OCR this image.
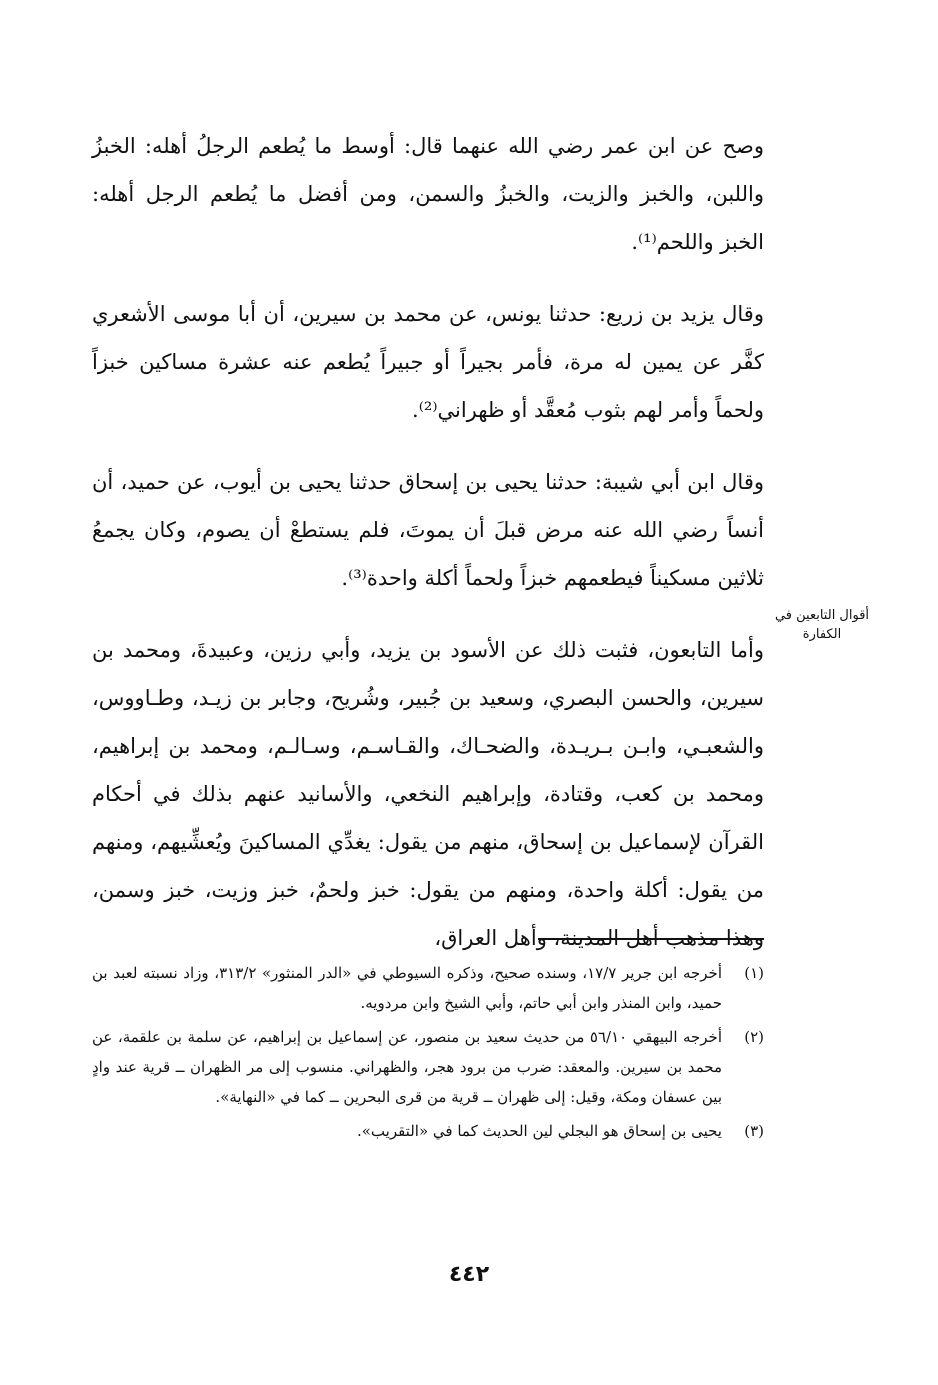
وصح عن ابن عمر رضي الله عنهما قال: أوسط ما يُطعم الرجلُ أهله: الخبزُ واللبن، والخبز والزيت، والخبزُ والسمن، ومن أفضل ما يُطعم الرجل أهله: الخبز واللحم⁽¹⁾.

وقال يزيد بن زريع: حدثنا يونس، عن محمد بن سيرين، أن أبا موسى الأشعري كفَّر عن يمين له مرة، فأمر بجيراً أو جبيراً يُطعم عنه عشرة مساكين خبزاً ولحماً وأمر لهم بثوب مُعقَّد أو ظهراني⁽²⁾.

وقال ابن أبي شيبة: حدثنا يحيى بن إسحاق حدثنا يحيى بن أيوب، عن حميد، أن أنساً رضي الله عنه مرض قبلَ أن يموتَ، فلم يستطعْ أن يصوم، وكان يجمعُ ثلاثين مسكيناً فيطعمهم خبزاً ولحماً أكلة واحدة⁽³⁾.

وأما التابعون، فثبت ذلك عن الأسود بن يزيد، وأبي رزين، وعبيدةَ، ومحمد بن سيرين، والحسن البصري، وسعيد بن جُبير، وشُريح، وجابر بن زيـد، وطـاووس، والشعبـي، وابـن بـريـدة، والضحـاك، والقـاسـم، وسـالـم، ومحمد بن إبراهيم، ومحمد بن كعب، وقتادة، وإبراهيم النخعي، والأسانيد عنهم بذلك في أحكام القرآن لإسماعيل بن إسحاق، منهم من يقول: يغدِّي المساكينَ ويُعشِّيهم، ومنهم من يقول: أكلة واحدة، ومنهم من يقول: خبز ولحمٌ، خبز وزيت، خبز وسمن، وهذا مذهب أهل المدينة، وأهل العراق،

أقوال التابعين في الكفارة
(١)
أخرجه ابن جرير ١٧/٧، وسنده صحيح، وذكره السيوطي في «الدر المنثور» ٣١٣/٢، وزاد نسبته لعبد بن حميد، وابن المنذر وابن أبي حاتم، وأبي الشيخ وابن مردويه.
(٢)
أخرجه البيهقي ٥٦/١٠ من حديث سعيد بن منصور، عن إسماعيل بن إبراهيم، عن سلمة بن علقمة، عن محمد بن سيرين. والمعقد: ضرب من برود هجر، والظهراني. منسوب إلى مر الظهران ــ قرية عند وادٍ بين عسفان ومكة، وقيل: إلى ظهران ــ قرية من قرى البحرين ــ كما في «النهاية».
(٣)
يحيى بن إسحاق هو البجلي لين الحديث كما في «التقريب».
٤٤٢
